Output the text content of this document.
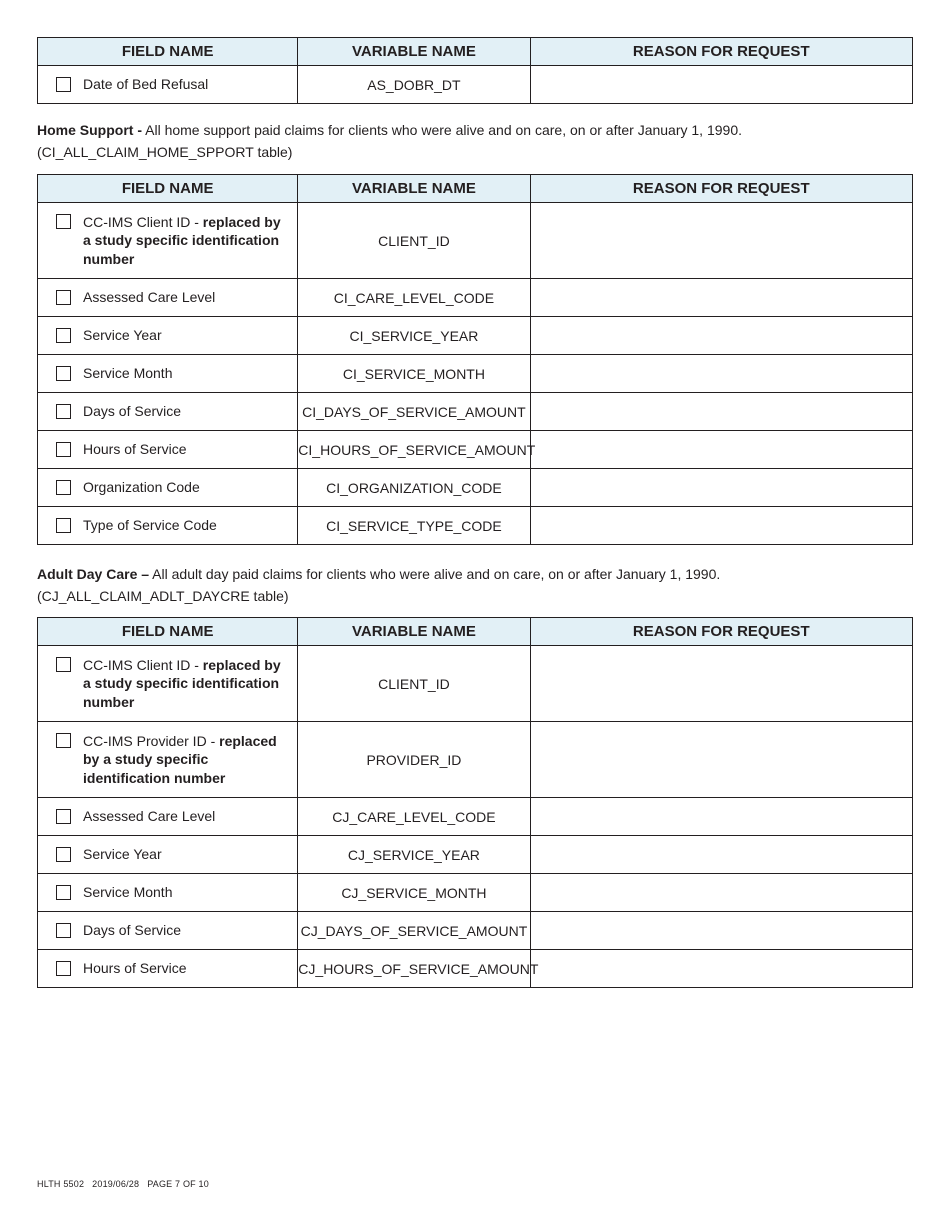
FIELD NAME	VARIABLE NAME	REASON FOR REQUEST

Date of Bed Refusal	AS_DOBR_DT	

Home Support - All home support paid claims for clients who were alive and on care, on or after January 1, 1990.

(CI_ALL_CLAIM_HOME_SPPORT table)

FIELD NAME	VARIABLE NAME	REASON FOR REQUEST

CC-IMS Client ID - replaced by a study specific identification number	CLIENT_ID	

Assessed Care Level	CI_CARE_LEVEL_CODE	

Service Year	CI_SERVICE_YEAR	

Service Month	CI_SERVICE_MONTH	

Days of Service	CI_DAYS_OF_SERVICE_AMOUNT	

Hours of Service	CI_HOURS_OF_SERVICE_AMOUNT	

Organization Code	CI_ORGANIZATION_CODE	

Type of Service Code	CI_SERVICE_TYPE_CODE	

Adult Day Care – All adult day paid claims for clients who were alive and on care, on or after January 1, 1990.

(CJ_ALL_CLAIM_ADLT_DAYCRE table)

FIELD NAME	VARIABLE NAME	REASON FOR REQUEST

CC-IMS Client ID - replaced by a study specific identification number	CLIENT_ID	

CC-IMS Provider ID - replaced by a study specific identification number	PROVIDER_ID	

Assessed Care Level	CJ_CARE_LEVEL_CODE	

Service Year	CJ_SERVICE_YEAR	

Service Month	CJ_SERVICE_MONTH	

Days of Service	CJ_DAYS_OF_SERVICE_AMOUNT	

Hours of Service	CJ_HOURS_OF_SERVICE_AMOUNT	
HLTH 5502 2019/06/28 PAGE 7 OF 10
